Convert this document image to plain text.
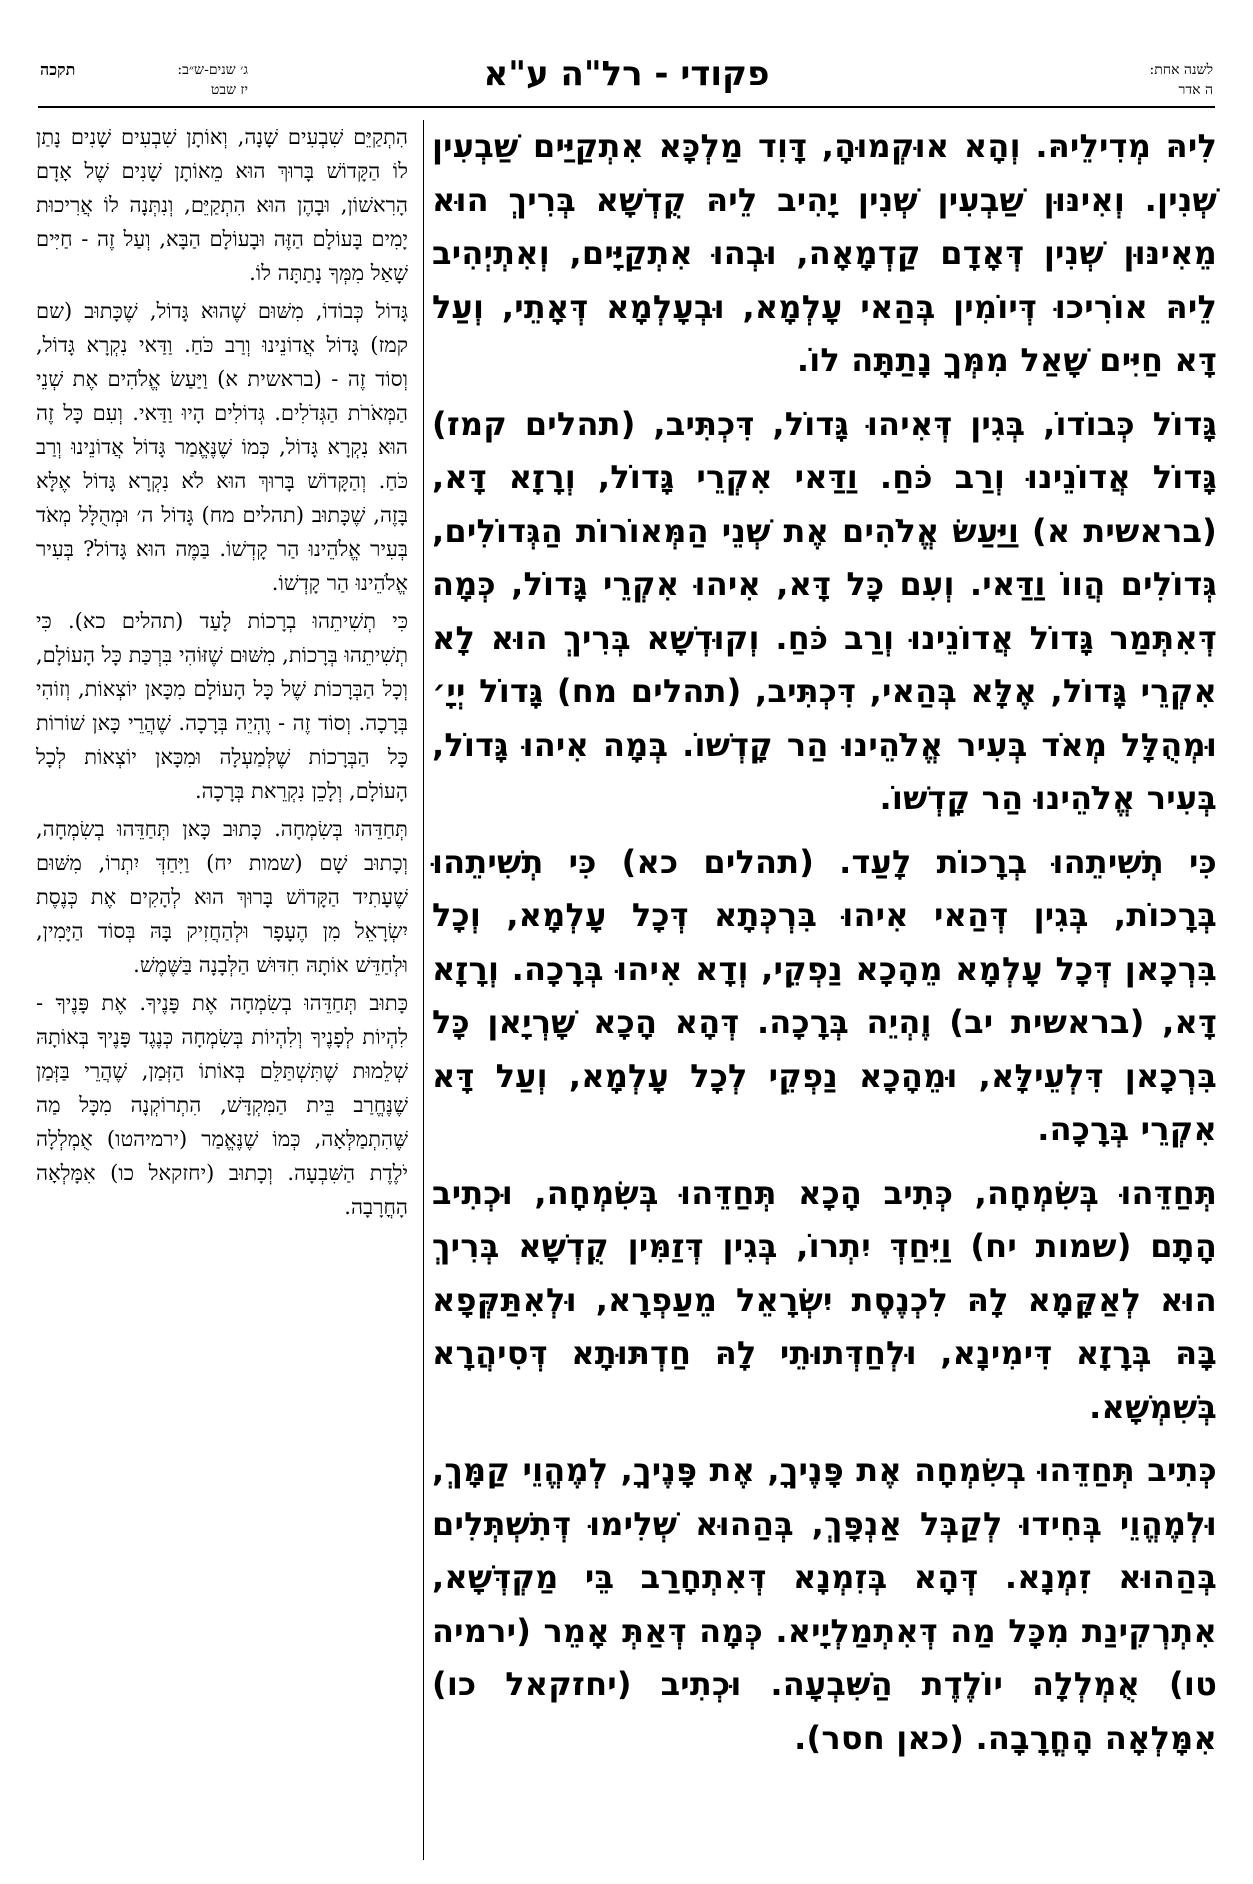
לשנה אחת:
ה אדר
פקודי - רל"ה ע"א
ג׳ שנים-ש״ב:
יז שבט
תקכה

לִיהּ מְדִילֵיהּ. וְהָא אוּקְמוּהָ, דָּוִד מַלְכָּא אִתְקַיַּים שַׁבְעִין שְׁנִין. וְאִינּוּן שַׁבְעִין שְׁנִין יָהִיב לֵיהּ קֻדְשָׁא בְּרִיךְ הוּא מֵאִינּוּן שְׁנִין דְּאָדָם קַדְמָאָה, וּבְהוּ אִתְקַיָּים, וְאִתְיְהִיב לֵיהּ אוֹרִיכוּ דְּיוֹמִין בְּהַאי עָלְמָא, וּבְעָלְמָא דְּאָתֵי, וְעַל דָּא חַיִּים שָׁאַל מִמְּךָ נָתַתָּה לוֹ.

גָּדוֹל כְּבוֹדוֹ, בְּגִין דְּאִיהוּ גָּדוֹל, דִּכְתִּיב, (תהלים קמז) גָּדוֹל אֲדוֹנֵינוּ וְרַב כֹּחַ. וַדַּאי אִקְרֵי גָּדוֹל, וְרָזָא דָּא, (בראשית א) וַיַּעַשׂ אֱלֹהִים אֶת שְׁנֵי הַמְּאוֹרוֹת הַגְּדוֹלִים, גְּדוֹלִים הֲווֹ וַדַּאי. וְעִם כָּל דָּא, אִיהוּ אִקְרֵי גָּדוֹל, כְּמָה דְּאִתְּמַר גָּדוֹל אֲדוֹנֵינוּ וְרַב כֹּחַ. וְקוּדְשָׁא בְּרִיךְ הוּא לָא אִקְרֵי גָּדוֹל, אֶלָּא בְּהַאי, דִּכְתִּיב, (תהלים מח) גָּדוֹל יְיָ׳ וּמְהֻלָּל מְאֹד בְּעִיר אֱלֹהֵינוּ הַר קָדְשׁוֹ. בְּמָה אִיהוּ גָּדוֹל, בְּעִיר אֱלֹהֵינוּ הַר קָדְשׁוֹ.

כִּי תְשִׁיתֵהוּ בְרָכוֹת לָעַד. (תהלים כא) כִּי תְשִׁיתֵהוּ בְּרָכוֹת, בְּגִין דְּהַאי אִיהוּ בִּרְכְּתָא דְּכָל עָלְמָא, וְכָל בִּרְכָאן דְּכָל עָלְמָא מֵהָכָא נַפְקֵי, וְדָא אִיהוּ בְּרָכָה. וְרָזָא דָּא, (בראשית יב) וֶהְיֵה בְּרָכָה. דְּהָא הָכָא שָׁרְיָאן כָּל בִּרְכָאן דִּלְעֵילָּא, וּמֵהָכָא נַפְקֵי לְכָל עָלְמָא, וְעַל דָּא אִקְרֵי בְּרָכָה.

תְּחַדֵּהוּ בְּשִׂמְחָה, כְּתִיב הָכָא תְּחַדֵּהוּ בְּשִׂמְחָה, וּכְתִיב הָתָם (שמות יח) וַיִּחַדְּ יִתְרוֹ, בְּגִין דְּזַמִּין קֻדְשָׁא בְּרִיךְ הוּא לְאַקָּמָא לָהּ לִכְנֶסֶת יִשְׂרָאֵל מֵעַפְרָא, וּלְאִתַּקְּפָא בָּהּ בְּרָזָא דִּימִינָא, וּלְחַדְּתוּתֵי לָהּ חַדְתּוּתָא דְּסִיהֲרָא בְּשִׁמְשָׁא.

כְּתִיב תְּחַדֵּהוּ בְשִׂמְחָה אֶת פָּנֶיךָ, אֶת פָּנֶיךָ, לְמֶהֱוֵי קַמָּךְ, וּלְמֶהֱוֵי בְּחִידוּ לְקַבְּל אַנְפָּךְ, בְּהַהוּא שְׁלִימוּ דְּתִשְׁתְּלִים בְּהַהוּא זִמְנָא. דְּהָא בְּזִמְנָא דְּאִתְחָרַב בֵּי מַקְדְּשָׁא, אִתְרְקִינַת מִכָּל מַה דְּאִתְמַלְיָיא. כְּמָה דְּאַתְּ אָמֵר (ירמיה טו) אֻמְלְלָה יוֹלֶדֶת הַשִּׁבְעָה. וּכְתִיב (יחזקאל כו) אִמָּלְאָה הָחֳרָבָה. (כאן חסר).

הִתְקַיֵּם שִׁבְעִים שָׁנָה, וְאוֹתָן שִׁבְעִים שָׁנִים נָתַן לוֹ הַקָּדוֹשׁ בָּרוּךְ הוּא מֵאוֹתָן שָׁנִים שֶׁל אָדָם הָרִאשׁוֹן, וּבָהֶן הוּא הִתְקַיֵּם, וְנִתְּנָה לוֹ אֲרִיכוּת יָמִים בָּעוֹלָם הַזֶּה וּבָעוֹלָם הַבָּא, וְעַל זֶה - חַיִּים שָׁאַל מִמְּךָ נָתַתָּה לוֹ.

גָּדוֹל כְּבוֹדוֹ, מִשּׁוּם שֶׁהוּא גָּדוֹל, שֶׁכָּתוּב (שם קמז) גָּדוֹל אֲדוֹנֵינוּ וְרַב כֹּחַ. וַדַּאי נִקְרָא גָּדוֹל, וְסוֹד זֶה - (בראשית א) וַיַּעַשׂ אֱלֹהִים אֶת שְׁנֵי הַמְּאֹרֹת הַגְּדֹלִים. גְּדוֹלִים הָיוּ וַדַּאי. וְעִם כָּל זֶה הוּא נִקְרָא גָּדוֹל, כְּמוֹ שֶׁנֶּאֱמַר גָּדוֹל אֲדוֹנֵינוּ וְרַב כֹּחַ. וְהַקָּדוֹשׁ בָּרוּךְ הוּא לֹא נִקְרָא גָּדוֹל אֶלָּא בָּזֶה, שֶׁכָּתוּב (תהלים מח) גָּדוֹל ה׳ וּמְהֻלָּל מְאֹד בְּעִיר אֱלֹהֵינוּ הַר קָדְשׁוֹ. בַּמֶּה הוּא גָּדוֹל? בְּעִיר אֱלֹהֵינוּ הַר קָדְשׁוֹ.

כִּי תְשִׁיתֵהוּ בְרָכוֹת לָעַד (תהלים כא). כִּי תְשִׁיתֵהוּ בְּרָכוֹת, מִשּׁוּם שֶׁזּוֹהִי בִּרְכַּת כָּל הָעוֹלָם, וְכָל הַבְּרָכוֹת שֶׁל כָּל הָעוֹלָם מִכָּאן יוֹצְאוֹת, וְזוֹהִי בְּרָכָה. וְסוֹד זֶה - וֶהְיֵה בְּרָכָה. שֶׁהֲרֵי כָּאן שׁוֹרוֹת כָּל הַבְּרָכוֹת שֶׁלְּמַעְלָה וּמִכָּאן יוֹצְאוֹת לְכָל הָעוֹלָם, וְלָכֵן נִקְרֵאת בְּרָכָה.

תְּחַדֵּהוּ בְּשִׂמְחָה. כָּתוּב כָּאן תְּחַדֵּהוּ בְשִׂמְחָה, וְכָתוּב שָׁם (שמות יח) וַיִּחַדְּ יִתְרוֹ, מִשּׁוּם שֶׁעָתִיד הַקָּדוֹשׁ בָּרוּךְ הוּא לְהָקִים אֶת כְּנֶסֶת יִשְׂרָאֵל מִן הֶעָפָר וּלְהַחֲזִיק בָּהּ בְּסוֹד הַיָּמִין, וּלְחַדֵּשׁ אוֹתָהּ חִדּוּשׁ הַלְּבָנָה בַּשֶּׁמֶשׁ.

כָּתוּב תְּחַדֵּהוּ בְשִׂמְחָה אֶת פָּנֶיךָ. אֶת פָּנֶיךָ - לִהְיוֹת לְפָנֶיךָ וְלִהְיוֹת בְּשִׂמְחָה כְּנֶגֶד פָּנֶיךָ בְּאוֹתָהּ שְׁלֵמוּת שֶׁתִּשְׁתַּלֵּם בְּאוֹתוֹ הַזְּמַן, שֶׁהֲרֵי בַּזְּמַן שֶׁנֶּחֱרַב בֵּית הַמִּקְדָּשׁ, הִתְרוֹקְנָה מִכָּל מַה שֶּׁהִתְמַלְּאָה, כְּמוֹ שֶׁנֶּאֱמַר (ירמיהטו) אֻמְלְלָה יֹלֶדֶת הַשִּׁבְעָה. וְכָתוּב (יחזקאל כו) אִמָּלְאָה הָחֳרָבָה.
